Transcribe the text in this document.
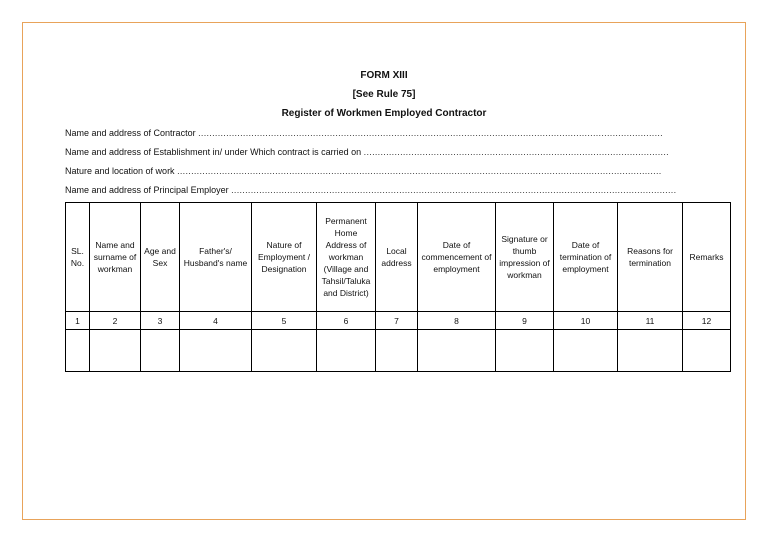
FORM XIII
[See Rule 75]
Register of Workmen Employed Contractor
Name and address of Contractor ......................................................................................................................................................................
Name and address of Establishment in/ under Which contract is carried on .............................................................................................................
Nature and location of work .............................................................................................................................................................................
Name and address of Principal Employer ...............................................................................................................................................................
SL. No.	Name and surname of workman	Age and Sex	Father's/ Husband's name	Nature of Employment / Designation	Permanent Home Address of workman (Village and Tahsil/Taluka and District)	Local address	Date of commencement of employment	Signature or thumb impression of workman	Date of termination of employment	Reasons for termination	Remarks
1	2	3	4	5	6	7	8	9	10	11	12
